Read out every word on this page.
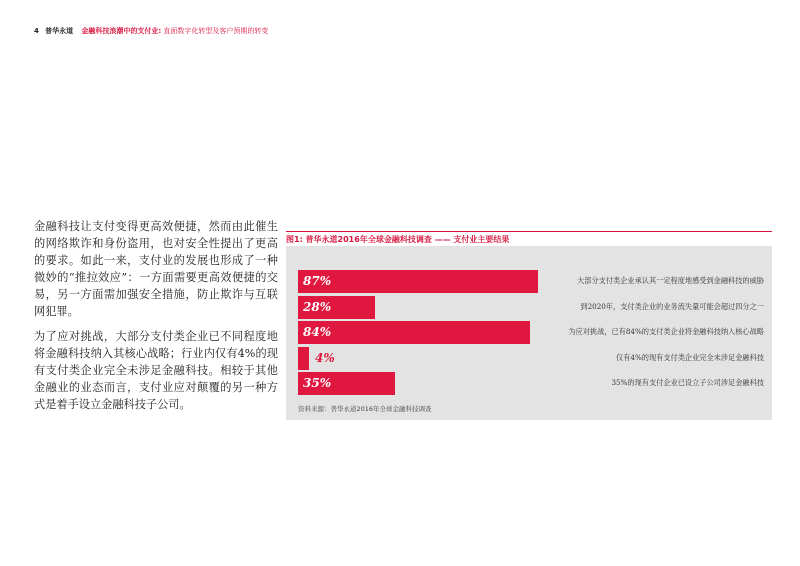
4 普华永道 金融科技浪潮中的支付业: 直面数字化转型及客户预期的转变

金融科技让支付变得更高效便捷，然而由此催生的网络欺诈和身份盗用，也对安全性提出了更高的要求。如此一来，支付业的发展也形成了一种微妙的“推拉效应”：一方面需要更高效便捷的交易，另一方面需加强安全措施，防止欺诈与互联网犯罪。

为了应对挑战，大部分支付类企业已不同程度地将金融科技纳入其核心战略；行业内仅有4%的现有支付类企业完全未涉足金融科技。相较于其他金融业的业态而言，支付业应对颠覆的另一种方式是着手设立金融科技子公司。

图1: 普华永道2016年全球金融科技调查 —— 支付业主要结果
87%	大部分支付类企业承认其一定程度地感受到金融科技的威胁
28%	到2020年，支付类企业的业务流失量可能会超过四分之一
84%	为应对挑战，已有84%的支付类企业将金融科技纳入核心战略
4%	仅有4%的现有支付类企业完全未涉足金融科技
35%	35%的现有支付企业已设立子公司涉足金融科技
资料来源：普华永道2016年全球金融科技调查
